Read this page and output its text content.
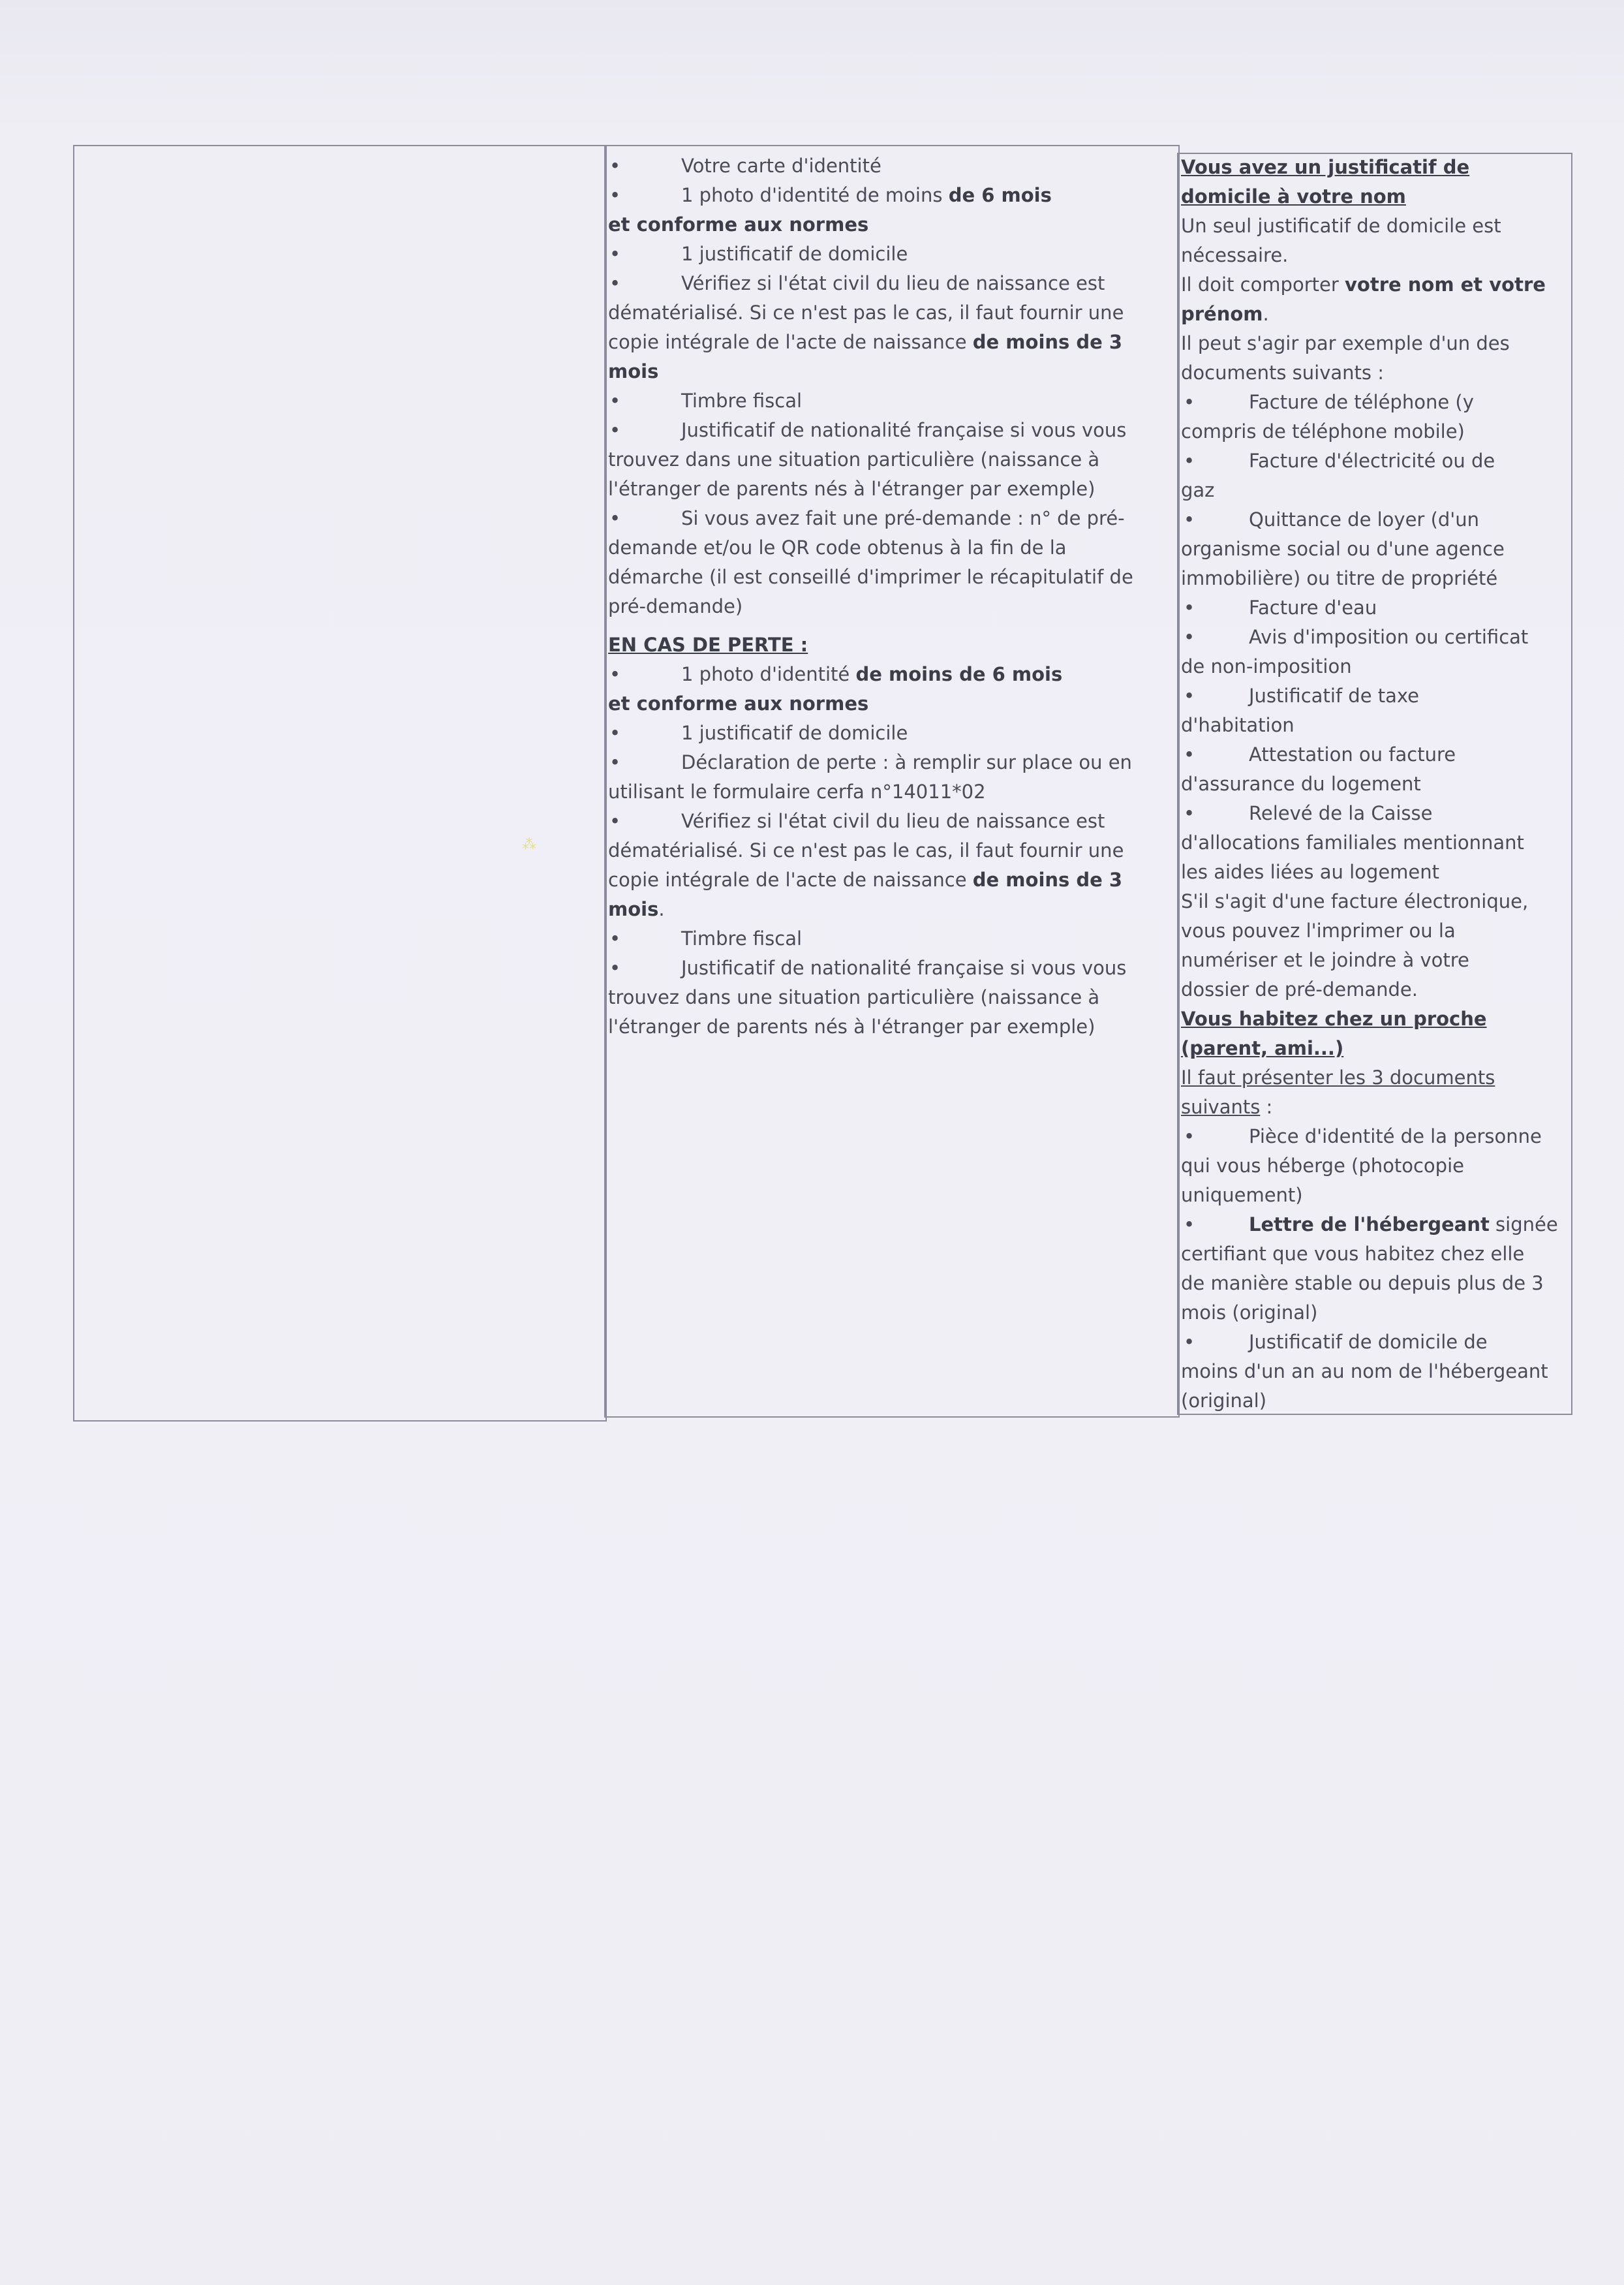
⁂
•	Votre carte d'identité
•	1 photo d'identité de moins de 6 mois
et conforme aux normes
•	1 justificatif de domicile
•	Vérifiez si l'état civil du lieu de naissance est
dématérialisé. Si ce n'est pas le cas, il faut fournir une
copie intégrale de l'acte de naissance de moins de 3
mois
•	Timbre fiscal
•	Justificatif de nationalité française si vous vous
trouvez dans une situation particulière (naissance à
l'étranger de parents nés à l'étranger par exemple)
•	Si vous avez fait une pré-demande : n° de pré-
demande et/ou le QR code obtenus à la fin de la
démarche (il est conseillé d'imprimer le récapitulatif de
pré-demande)
EN CAS DE PERTE :
•	1 photo d'identité de moins de 6 mois
et conforme aux normes
•	1 justificatif de domicile
•	Déclaration de perte : à remplir sur place ou en
utilisant le formulaire cerfa n°14011*02
•	Vérifiez si l'état civil du lieu de naissance est
dématérialisé. Si ce n'est pas le cas, il faut fournir une
copie intégrale de l'acte de naissance de moins de 3
mois.
•	Timbre fiscal
•	Justificatif de nationalité française si vous vous
trouvez dans une situation particulière (naissance à
l'étranger de parents nés à l'étranger par exemple)
Vous avez un justificatif de
domicile à votre nom
Un seul justificatif de domicile est
nécessaire.
Il doit comporter votre nom et votre
prénom.
Il peut s'agir par exemple d'un des
documents suivants :
•	Facture de téléphone (y
compris de téléphone mobile)
•	Facture d'électricité ou de
gaz
•	Quittance de loyer (d'un
organisme social ou d'une agence
immobilière) ou titre de propriété
•	Facture d'eau
•	Avis d'imposition ou certificat
de non-imposition
•	Justificatif de taxe
d'habitation
•	Attestation ou facture
d'assurance du logement
•	Relevé de la Caisse
d'allocations familiales mentionnant
les aides liées au logement
S'il s'agit d'une facture électronique,
vous pouvez l'imprimer ou la
numériser et le joindre à votre
dossier de pré-demande.
Vous habitez chez un proche
(parent, ami...)
Il faut présenter les 3 documents
suivants :
•	Pièce d'identité de la personne
qui vous héberge (photocopie
uniquement)
•	Lettre de l'hébergeant signée
certifiant que vous habitez chez elle
de manière stable ou depuis plus de 3
mois (original)
•	Justificatif de domicile de
moins d'un an au nom de l'hébergeant
(original)
